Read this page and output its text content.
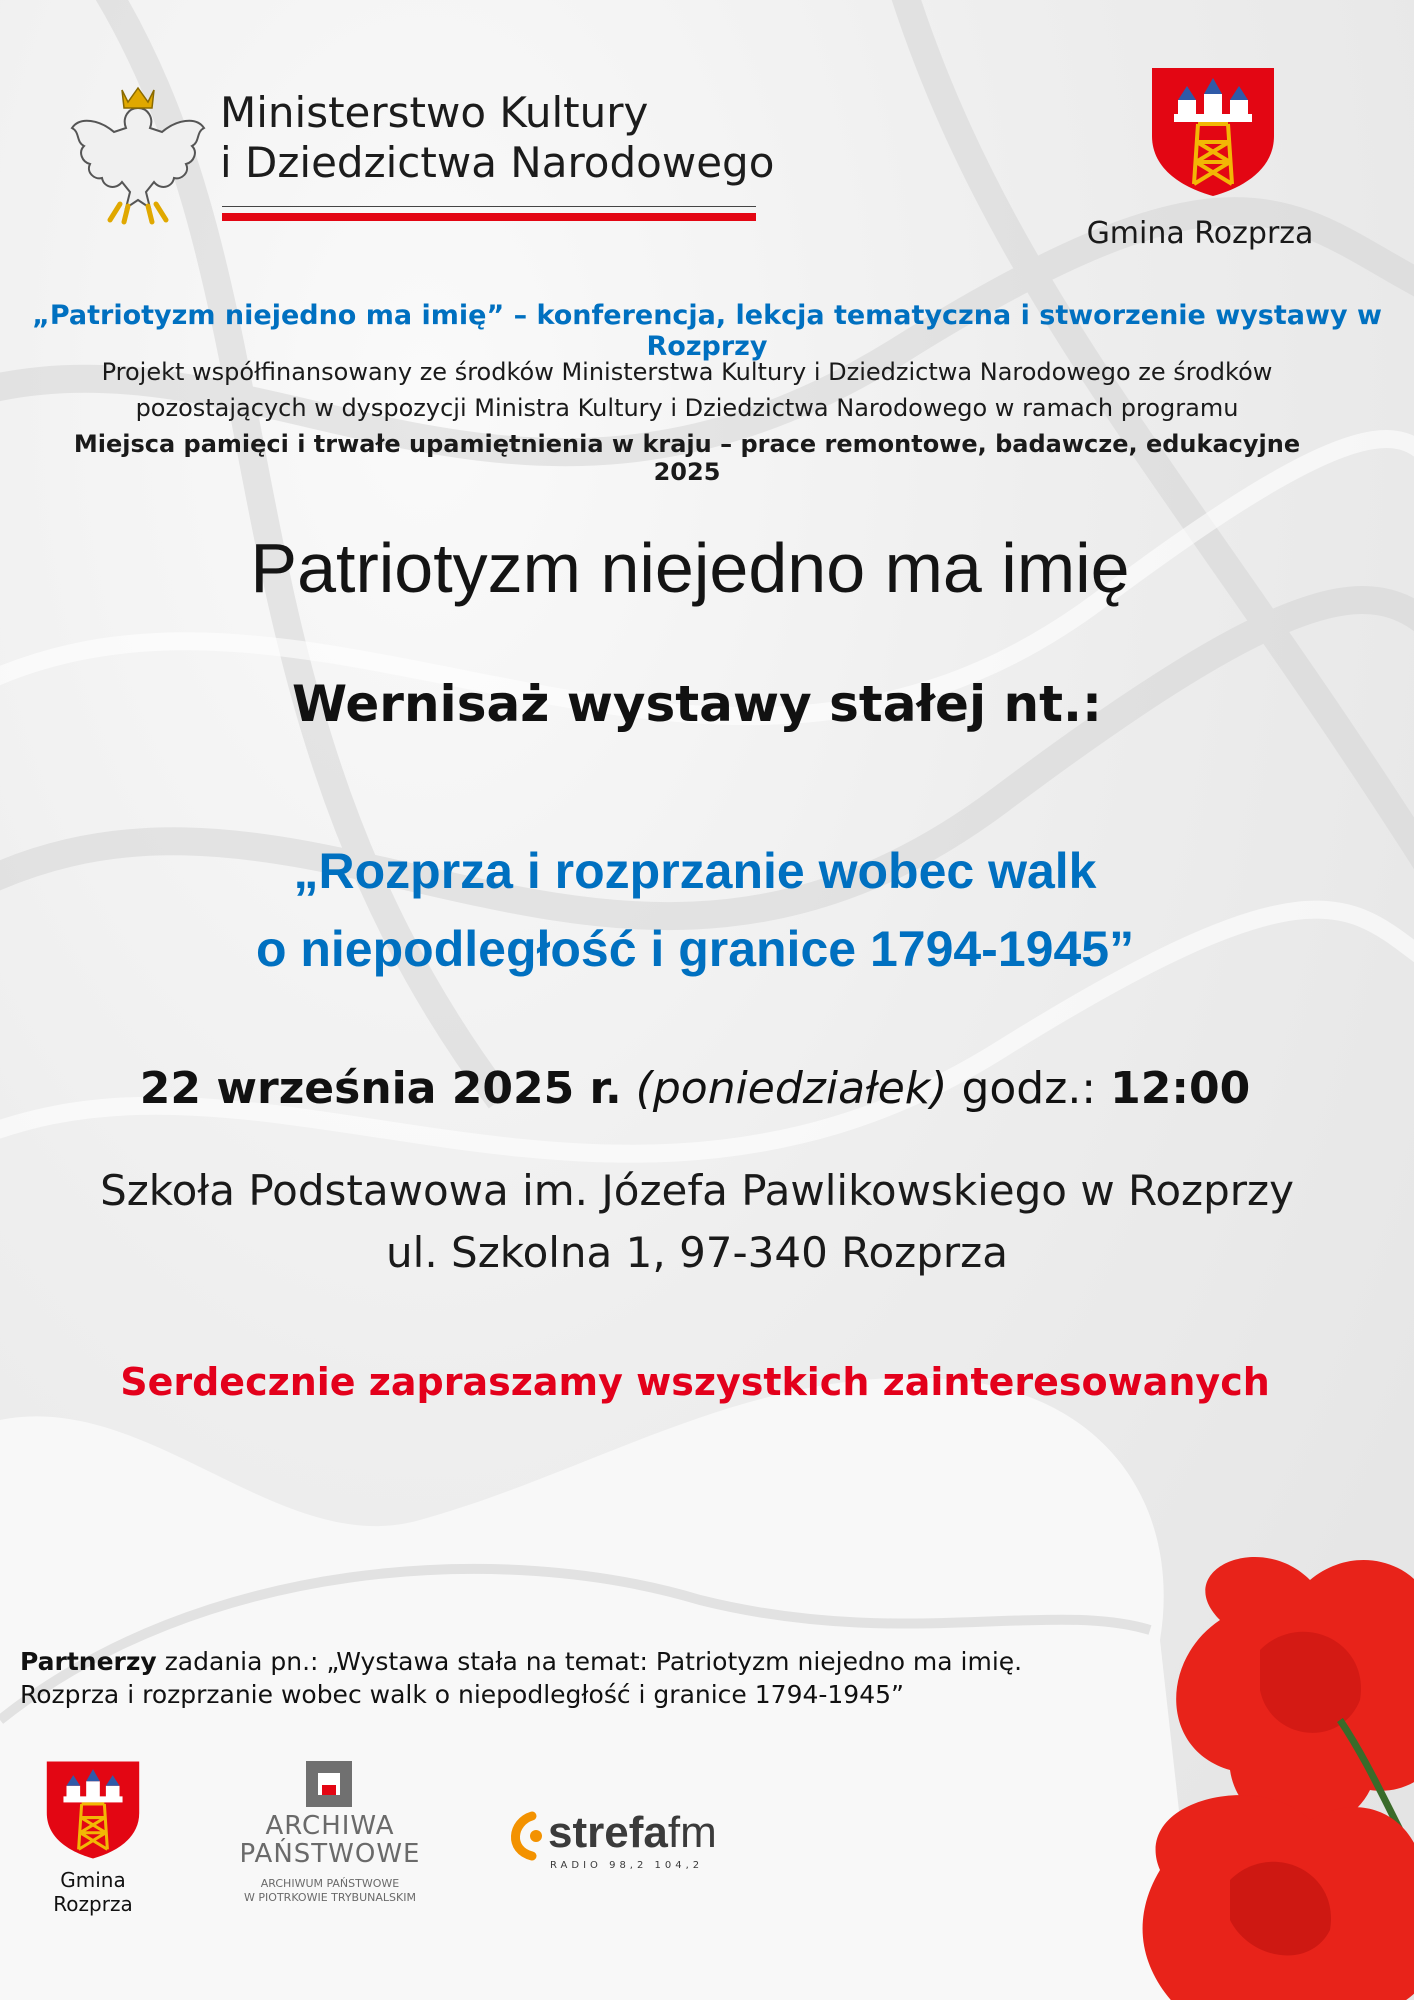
Ministerstwo Kultury
i Dziedzictwa Narodowego
Gmina Rozprza
„Patriotyzm niejedno ma imię” – konferencja, lekcja tematyczna i stworzenie wystawy w Rozprzy
Projekt współfinansowany ze środków Ministerstwa Kultury i Dziedzictwa Narodowego ze środków
pozostających w dyspozycji Ministra Kultury i Dziedzictwa Narodowego w ramach programu
Miejsca pamięci i trwałe upamiętnienia w kraju – prace remontowe, badawcze, edukacyjne 2025
Patriotyzm niejedno ma imię
Wernisaż wystawy stałej nt.:
„Rozprza i rozprzanie wobec walk
o niepodległość i granice 1794-1945”
22 września 2025 r. (poniedziałek) godz.: 12:00
Szkoła Podstawowa im. Józefa Pawlikowskiego w Rozprzy
ul. Szkolna 1, 97-340 Rozprza
Serdecznie zapraszamy wszystkich zainteresowanych
Partnerzy zadania pn.: „Wystawa stała na temat: Patriotyzm niejedno ma imię.
Rozprza i rozprzanie wobec walk o niepodległość i granice 1794-1945”
Gmina Rozprza
ARCHIWA
PAŃSTWOWE
ARCHIWUM PAŃSTWOWE
W PIOTRKOWIE TRYBUNALSKIM
strefafm
RADIO 98,2 104,2
